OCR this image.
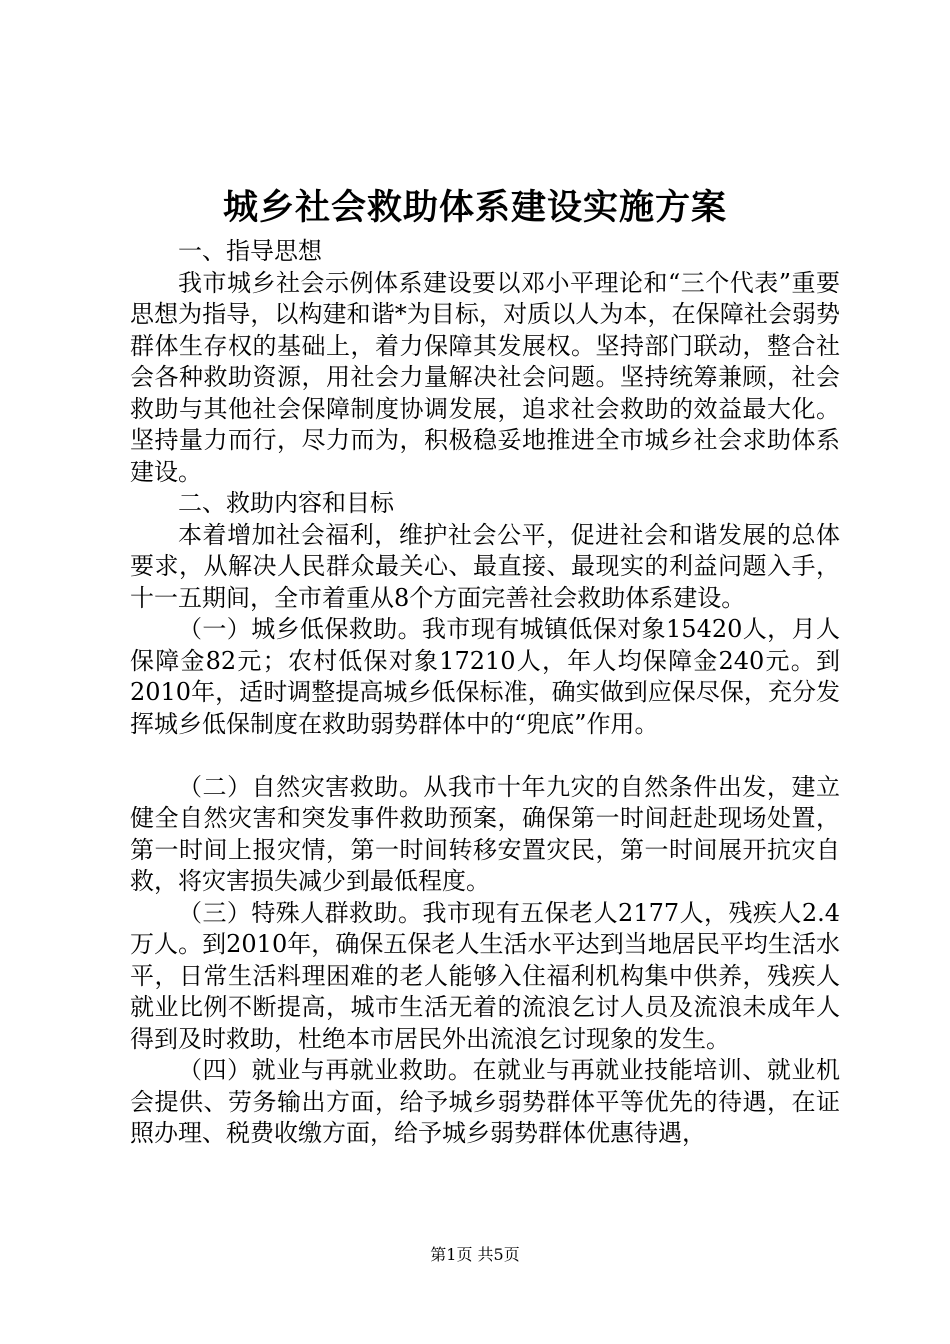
城乡社会救助体系建设实施方案

一、指导思想

我市城乡社会示例体系建设要以邓小平理论和“三个代表”重要思想为指导，以构建和谐*为目标，对质以人为本，在保障社会弱势群体生存权的基础上，着力保障其发展权。坚持部门联动，整合社会各种救助资源，用社会力量解决社会问题。坚持统筹兼顾，社会救助与其他社会保障制度协调发展，追求社会救助的效益最大化。坚持量力而行，尽力而为，积极稳妥地推进全市城乡社会求助体系建设。

二、救助内容和目标

本着增加社会福利，维护社会公平，促进社会和谐发展的总体要求，从解决人民群众最关心、最直接、最现实的利益问题入手，十一五期间，全市着重从8个方面完善社会救助体系建设。

（一）城乡低保救助。我市现有城镇低保对象15420人，月人保障金82元；农村低保对象17210人，年人均保障金240元。到2010年，适时调整提高城乡低保标准，确实做到应保尽保，充分发挥城乡低保制度在救助弱势群体中的“兜底”作用。

（二）自然灾害救助。从我市十年九灾的自然条件出发，建立健全自然灾害和突发事件救助预案，确保第一时间赶赴现场处置，第一时间上报灾情，第一时间转移安置灾民，第一时间展开抗灾自救，将灾害损失减少到最低程度。

（三）特殊人群救助。我市现有五保老人2177人，残疾人2.4万人。到2010年，确保五保老人生活水平达到当地居民平均生活水平，日常生活料理困难的老人能够入住福利机构集中供养，残疾人就业比例不断提高，城市生活无着的流浪乞讨人员及流浪未成年人得到及时救助，杜绝本市居民外出流浪乞讨现象的发生。

（四）就业与再就业救助。在就业与再就业技能培训、就业机会提供、劳务输出方面，给予城乡弱势群体平等优先的待遇，在证照办理、税费收缴方面，给予城乡弱势群体优惠待遇，

第1页 共5页
